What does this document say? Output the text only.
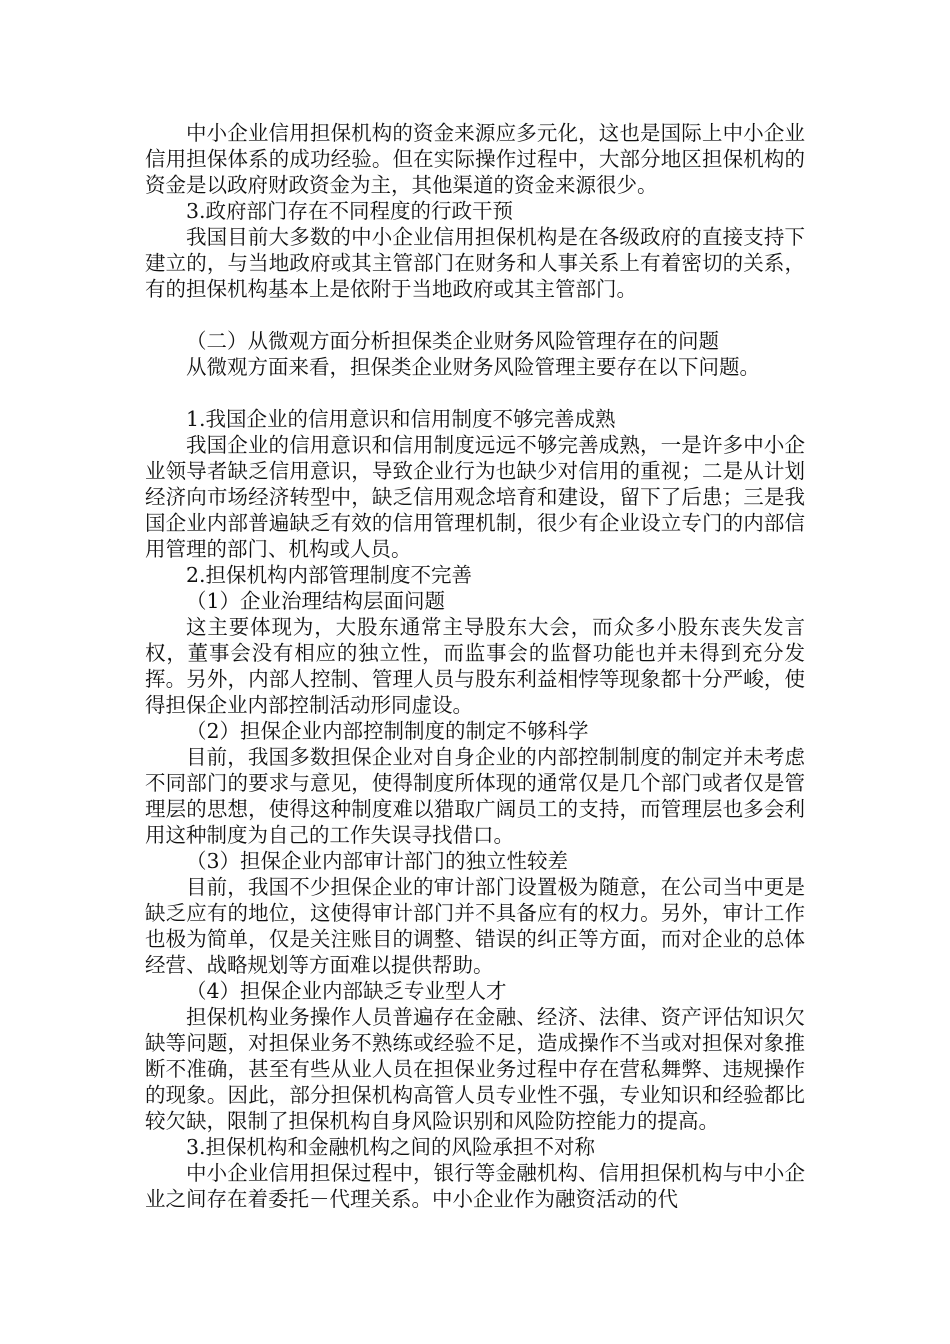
中小企业信用担保机构的资金来源应多元化，这也是国际上中小企业信用担保体系的成功经验。但在实际操作过程中，大部分地区担保机构的资金是以政府财政资金为主，其他渠道的资金来源很少。

3.政府部门存在不同程度的行政干预

我国目前大多数的中小企业信用担保机构是在各级政府的直接支持下建立的，与当地政府或其主管部门在财务和人事关系上有着密切的关系，有的担保机构基本上是依附于当地政府或其主管部门。

（二）从微观方面分析担保类企业财务风险管理存在的问题

从微观方面来看，担保类企业财务风险管理主要存在以下问题。

1.我国企业的信用意识和信用制度不够完善成熟

我国企业的信用意识和信用制度远远不够完善成熟，一是许多中小企业领导者缺乏信用意识，导致企业行为也缺少对信用的重视；二是从计划经济向市场经济转型中，缺乏信用观念培育和建设，留下了后患；三是我国企业内部普遍缺乏有效的信用管理机制，很少有企业设立专门的内部信用管理的部门、机构或人员。

2.担保机构内部管理制度不完善

（1）企业治理结构层面问题

这主要体现为，大股东通常主导股东大会，而众多小股东丧失发言权，董事会没有相应的独立性，而监事会的监督功能也并未得到充分发挥。另外，内部人控制、管理人员与股东利益相悖等现象都十分严峻，使得担保企业内部控制活动形同虚设。

（2）担保企业内部控制制度的制定不够科学

目前，我国多数担保企业对自身企业的内部控制制度的制定并未考虑不同部门的要求与意见，使得制度所体现的通常仅是几个部门或者仅是管理层的思想，使得这种制度难以猎取广阔员工的支持，而管理层也多会利用这种制度为自己的工作失误寻找借口。

（3）担保企业内部审计部门的独立性较差

目前，我国不少担保企业的审计部门设置极为随意，在公司当中更是缺乏应有的地位，这使得审计部门并不具备应有的权力。另外，审计工作也极为简单，仅是关注账目的调整、错误的纠正等方面，而对企业的总体经营、战略规划等方面难以提供帮助。

（4）担保企业内部缺乏专业型人才

担保机构业务操作人员普遍存在金融、经济、法律、资产评估知识欠缺等问题，对担保业务不熟练或经验不足，造成操作不当或对担保对象推断不准确，甚至有些从业人员在担保业务过程中存在营私舞弊、违规操作的现象。因此，部分担保机构高管人员专业性不强，专业知识和经验都比较欠缺，限制了担保机构自身风险识别和风险防控能力的提高。

3.担保机构和金融机构之间的风险承担不对称

中小企业信用担保过程中，银行等金融机构、信用担保机构与中小企业之间存在着委托－代理关系。中小企业作为融资活动的代
